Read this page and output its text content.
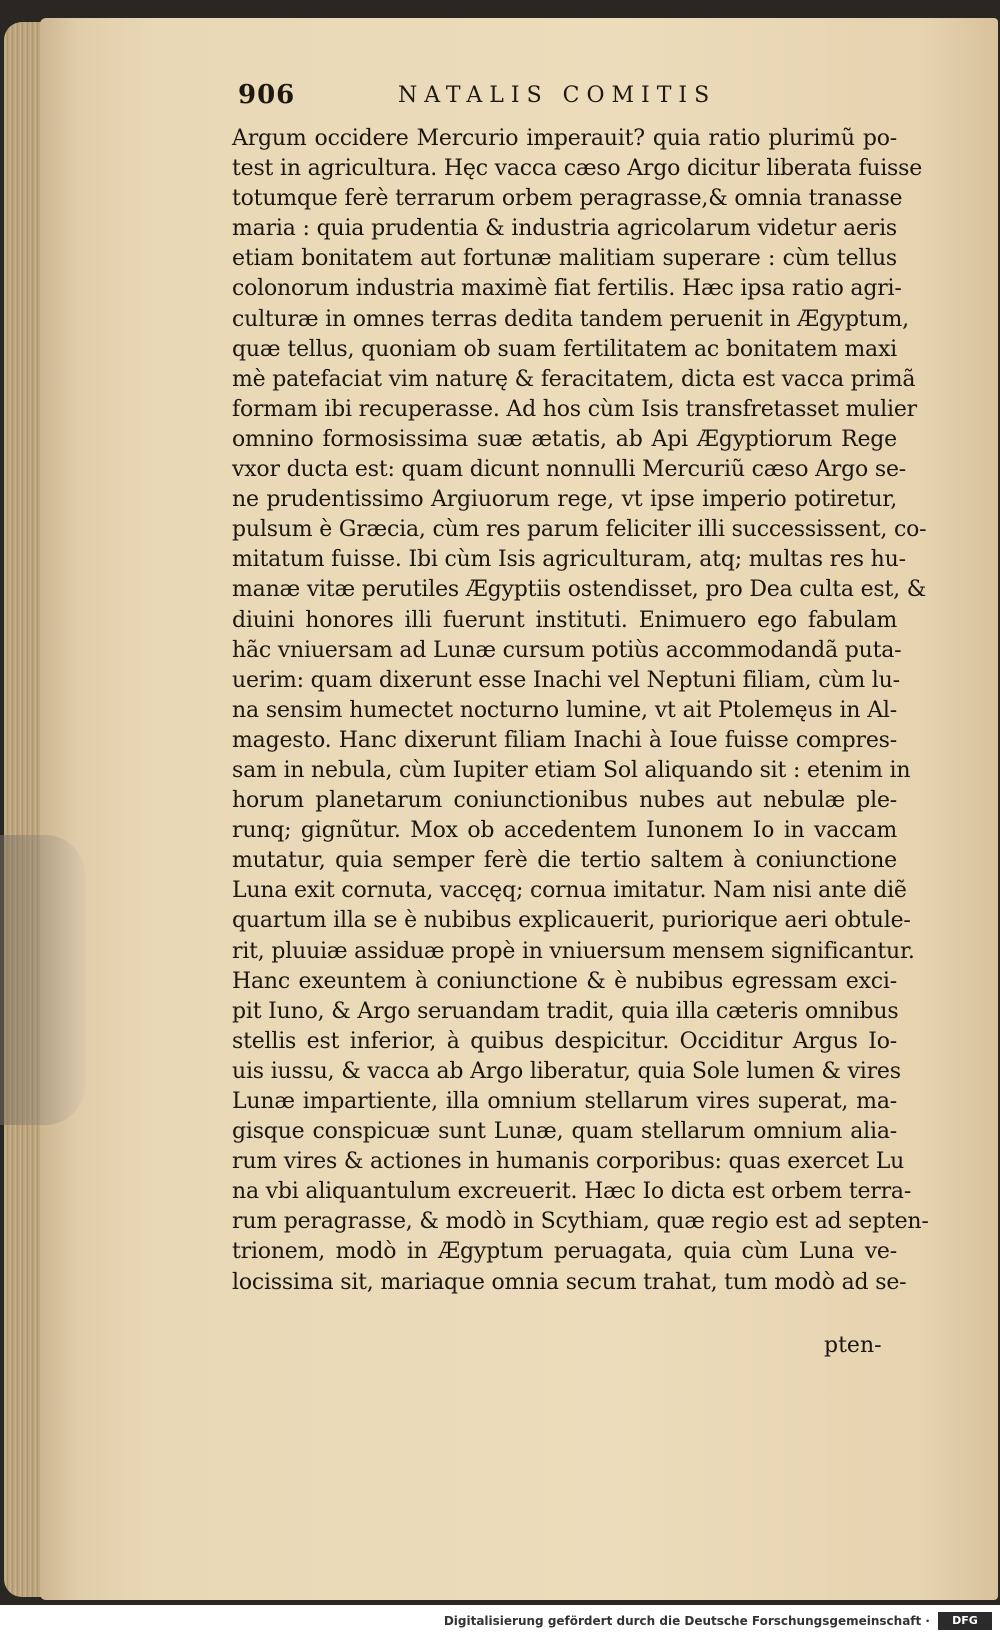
906	NATALIS COMITIS
Argum occidere Mercurio imperauit? quia ratio plurimũ po-
test in agricultura. Hęc vacca cæso Argo dicitur liberata fuisse
totumque ferè terrarum orbem peragrasse,& omnia tranasse
maria : quia prudentia & industria agricolarum videtur aeris
etiam bonitatem aut fortunæ malitiam superare : cùm tellus
colonorum industria maximè fiat fertilis. Hæc ipsa ratio agri-
culturæ in omnes terras dedita tandem peruenit in Ægyptum,
quæ tellus, quoniam ob suam fertilitatem ac bonitatem maxi
mè patefaciat vim naturę & feracitatem, dicta est vacca primã
formam ibi recuperasse. Ad hos cùm Isis transfretasset mulier
omnino formosissima suæ ætatis, ab Api Ægyptiorum Rege
vxor ducta est: quam dicunt nonnulli Mercuriũ cæso Argo se-
ne prudentissimo Argiuorum rege, vt ipse imperio potiretur,
pulsum è Græcia, cùm res parum feliciter illi successissent, co-
mitatum fuisse. Ibi cùm Isis agriculturam, atq; multas res hu-
manæ vitæ perutiles Ægyptiis ostendisset, pro Dea culta est, &
diuini honores illi fuerunt instituti. Enimuero ego fabulam
hãc vniuersam ad Lunæ cursum potiùs accommodandã puta-
uerim: quam dixerunt esse Inachi vel Neptuni filiam, cùm lu-
na sensim humectet nocturno lumine, vt ait Ptolemęus in Al-
magesto. Hanc dixerunt filiam Inachi à Ioue fuisse compres-
sam in nebula, cùm Iupiter etiam Sol aliquando sit : etenim in
horum planetarum coniunctionibus nubes aut nebulæ ple-
runq; gignũtur. Mox ob accedentem Iunonem Io in vaccam
mutatur, quia semper ferè die tertio saltem à coniunctione
Luna exit cornuta, vaccęq; cornua imitatur. Nam nisi ante diẽ
quartum illa se è nubibus explicauerit, puriorique aeri obtule-
rit, pluuiæ assiduæ propè in vniuersum mensem significantur.
Hanc exeuntem à coniunctione & è nubibus egressam exci-
pit Iuno, & Argo seruandam tradit, quia illa cæteris omnibus
stellis est inferior, à quibus despicitur. Occiditur Argus Io-
uis iussu, & vacca ab Argo liberatur, quia Sole lumen & vires
Lunæ impartiente, illa omnium stellarum vires superat, ma-
gisque conspicuæ sunt Lunæ, quam stellarum omnium alia-
rum vires & actiones in humanis corporibus: quas exercet Lu
na vbi aliquantulum excreuerit. Hæc Io dicta est orbem terra-
rum peragrasse, & modò in Scythiam, quæ regio est ad septen-
trionem, modò in Ægyptum peruagata, quia cùm Luna ve-
locissima sit, mariaque omnia secum trahat, tum modò ad se-
pten-
Digitalisierung gefördert durch die Deutsche Forschungsgemeinschaft ·	DFG
